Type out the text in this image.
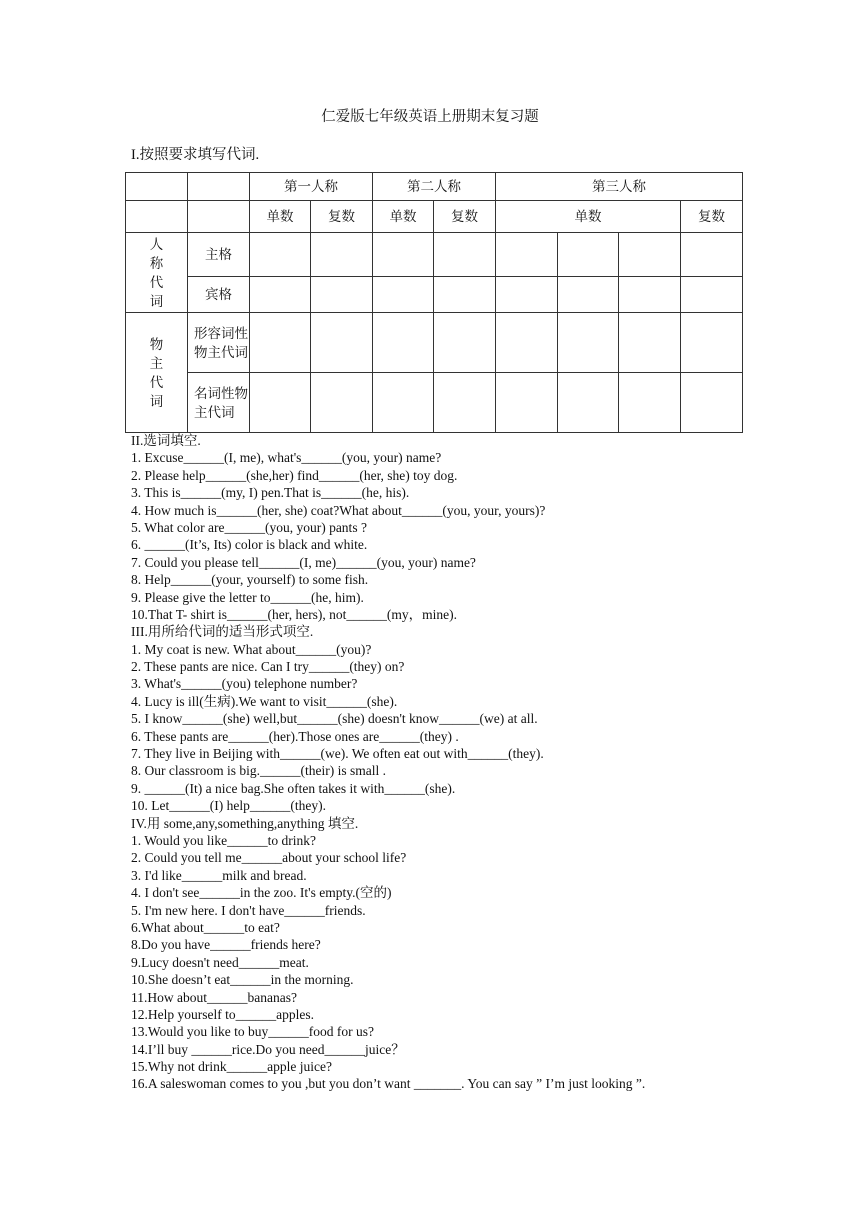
仁爱版七年级英语上册期末复习题
I.按照要求填写代词.
		第一人称		第二人称		第三人称			
		单数	复数	单数	复数	单数			复数
人称代词	主格								
	宾格								
物主代词	形容词性物主代词								
	名词性物主代词								
II.选词填空.
1. Excuse______(I, me), what's______(you, your) name?
2. Please help______(she,her) find______(her, she) toy dog.
3. This is______(my, I) pen.That is______(he, his).
4. How much is______(her, she) coat?What about______(you, your, yours)?
5. What color are______(you, your) pants ?
6. ______(It’s, Its) color is black and white.
7. Could you please tell______(I, me)______(you, your) name?
8. Help______(your, yourself) to some fish.
9. Please give the letter to______(he, him).
10.That T- shirt is______(her, hers), not______(my，mine).
III.用所给代词的适当形式项空.
1. My coat is new. What about______(you)?
2. These pants are nice. Can I try______(they) on?
3. What's______(you) telephone number?
4. Lucy is ill(生病).We want to visit______(she).
5. I know______(she) well,but______(she) doesn't know______(we) at all.
6. These pants are______(her).Those ones are______(they) .
7. They live in Beijing with______(we). We often eat out with______(they).
8. Our classroom is big.______(their) is small .
9. ______(It) a nice bag.She often takes it with______(she).
10. Let______(I) help______(they).
IV.用 some,any,something,anything 填空.
1. Would you like______to drink?
2. Could you tell me______about your school life?
3. I'd like______milk and bread.
4. I don't see______in the zoo. It's empty.(空的)
5. I'm new here. I don't have______friends.
6.What about______to eat?
8.Do you have______friends here?
9.Lucy doesn't need______meat.
10.She doesn’t eat______in the morning.
11.How about______bananas?
12.Help yourself to______apples.
13.Would you like to buy______food for us?
14.I’ll buy ______rice.Do you need______juice？
15.Why not drink______apple juice?
16.A saleswoman comes to you ,but you don’t want _______. You can say ” I’m just looking ”.
